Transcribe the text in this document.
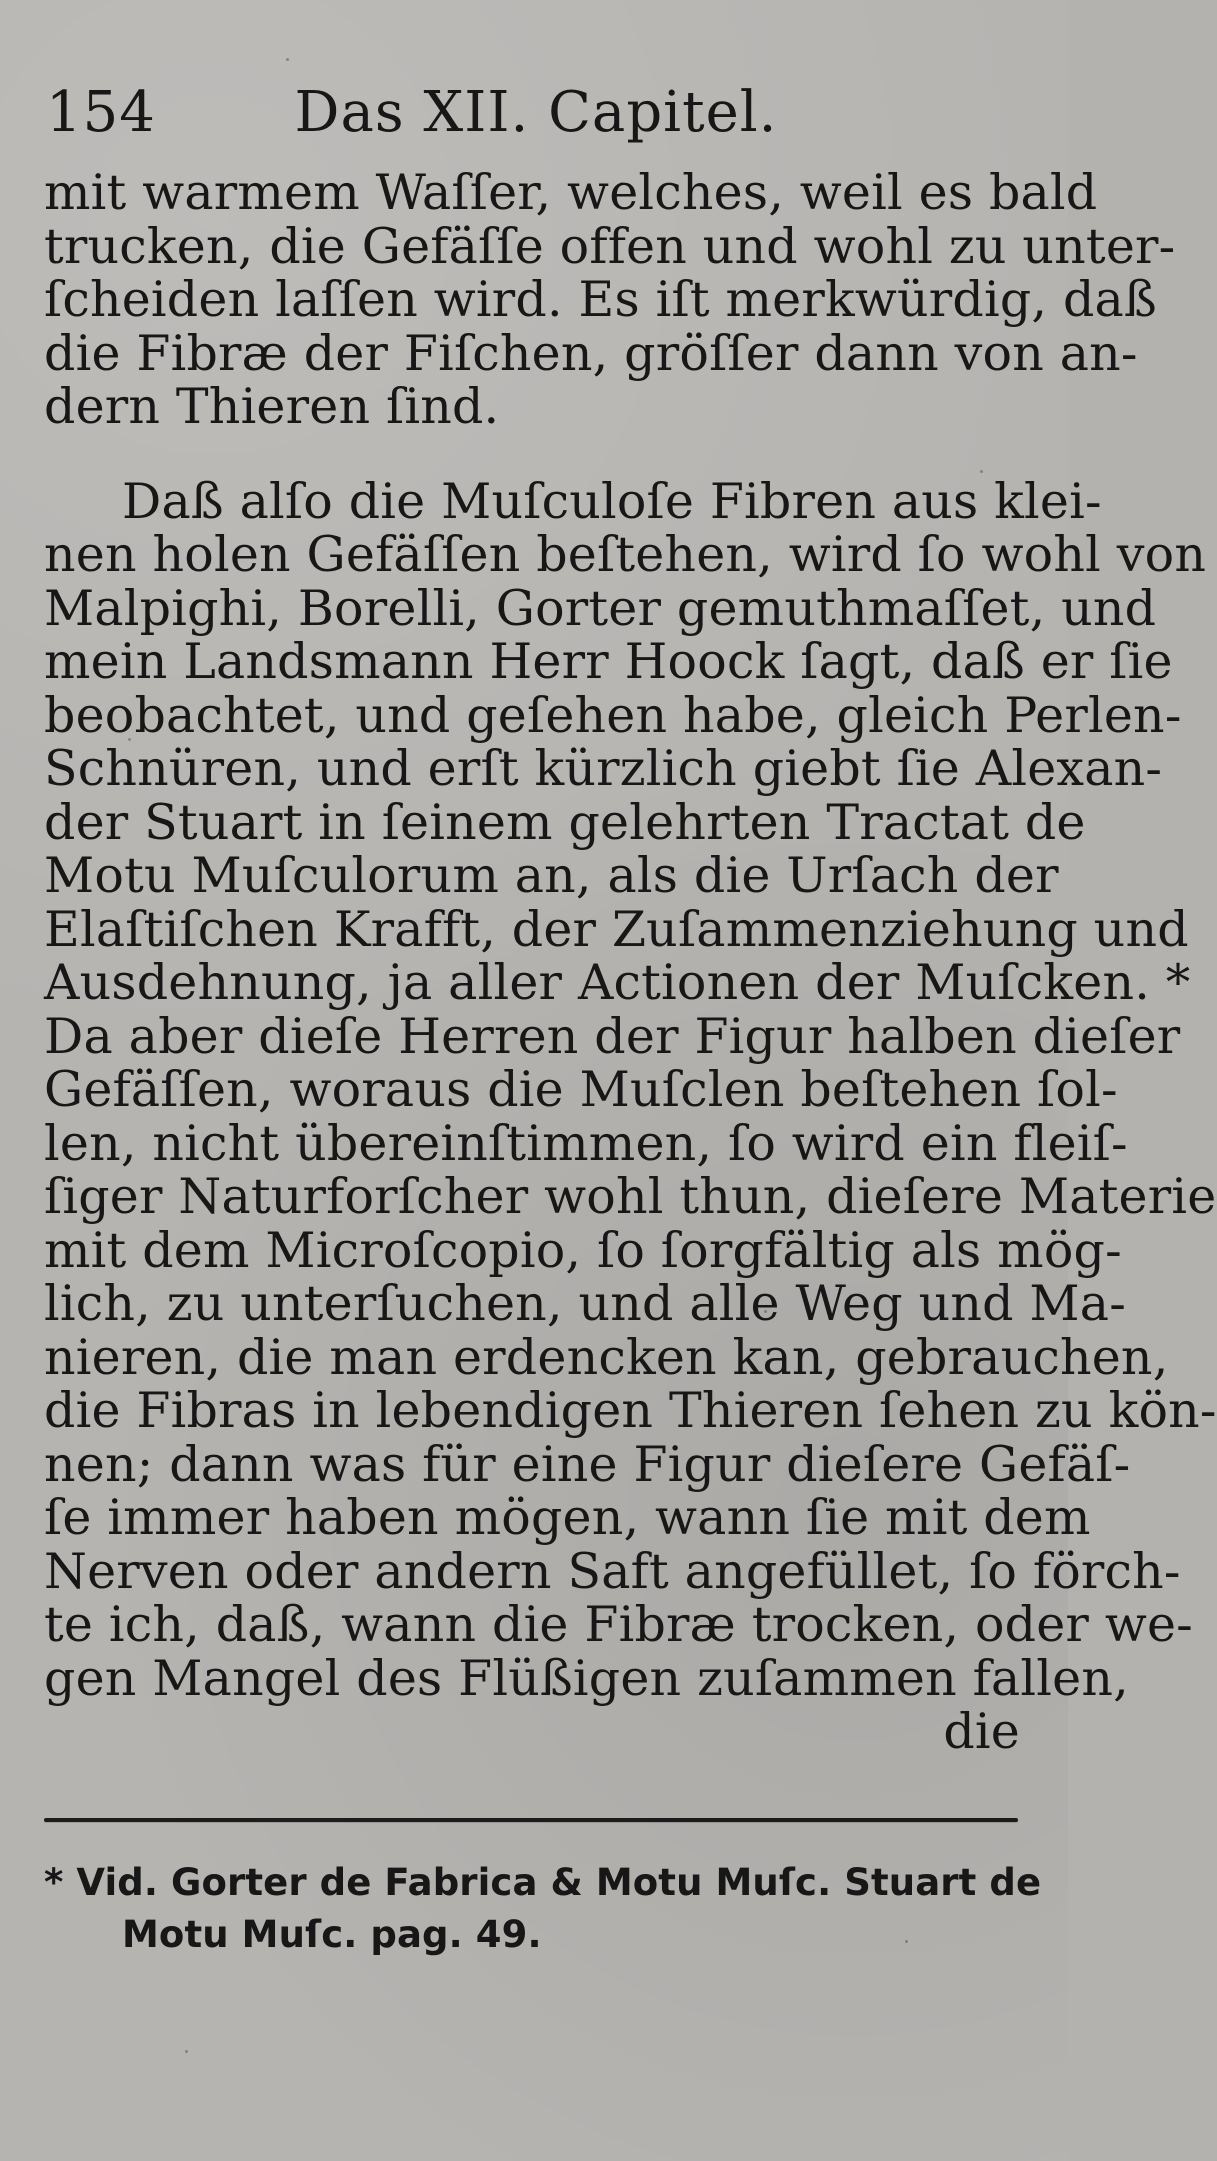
154	Das XII. Capitel.
mit warmem Waſſer, welches, weil es bald
trucken, die Gefäſſe offen und wohl zu unter-
ſcheiden laſſen wird. Es iſt merkwürdig, daß
die Fibræ der Fiſchen, gröſſer dann von an-
dern Thieren ſind.
Daß alſo die Muſculoſe Fibren aus klei-
nen holen Gefäſſen beſtehen, wird ſo wohl von
Malpighi, Borelli, Gorter gemuthmaſſet, und
mein Landsmann Herr Hoock ſagt, daß er ſie
beobachtet, und geſehen habe, gleich Perlen-
Schnüren, und erſt kürzlich giebt ſie Alexan-
der Stuart in ſeinem gelehrten Tractat de
Motu Muſculorum an, als die Urſach der
Elaſtiſchen Krafft, der Zuſammenziehung und
Ausdehnung, ja aller Actionen der Muſcken. *
Da aber dieſe Herren der Figur halben dieſer
Gefäſſen, woraus die Muſclen beſtehen ſol-
len, nicht übereinſtimmen, ſo wird ein fleiſ-
ſiger Naturforſcher wohl thun, dieſere Materie
mit dem Microſcopio, ſo ſorgfältig als mög-
lich, zu unterſuchen, und alle Weg und Ma-
nieren, die man erdencken kan, gebrauchen,
die Fibras in lebendigen Thieren ſehen zu kön-
nen; dann was für eine Figur dieſere Gefäſ-
ſe immer haben mögen, wann ſie mit dem
Nerven oder andern Saft angefüllet, ſo förch-
te ich, daß, wann die Fibræ trocken, oder we-
gen Mangel des Flüßigen zuſammen fallen,
die
* Vid. Gorter de Fabrica & Motu Muſc. Stuart de
Motu Muſc. pag. 49.
